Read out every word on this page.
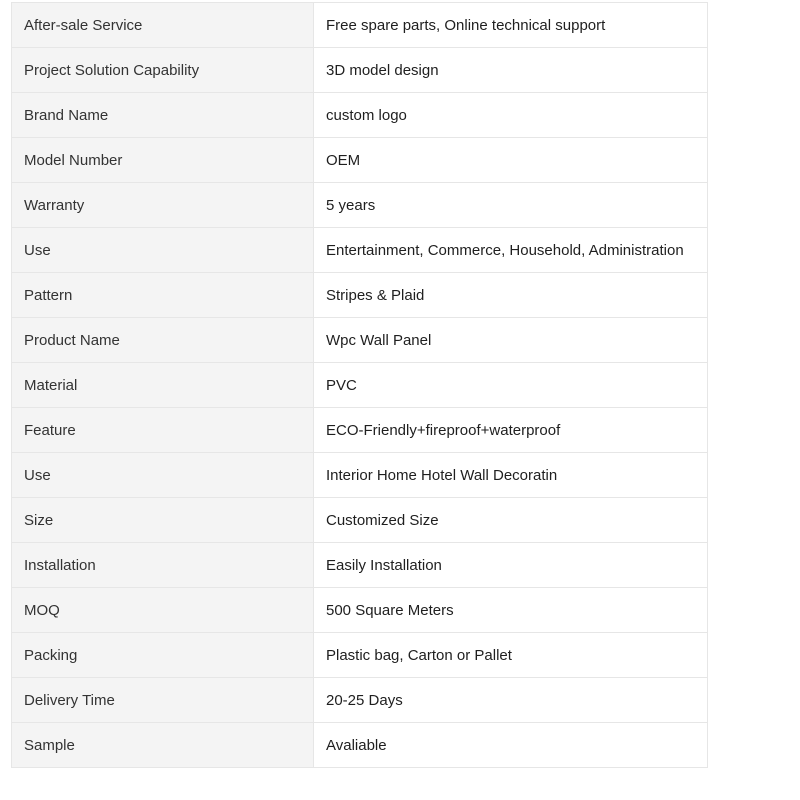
After-sale Service	Free spare parts, Online technical support
Project Solution Capability	3D model design
Brand Name	custom logo
Model Number	OEM
Warranty	5 years
Use	Entertainment, Commerce, Household, Administration
Pattern	Stripes & Plaid
Product Name	Wpc Wall Panel
Material	PVC
Feature	ECO-Friendly+fireproof+waterproof
Use	Interior Home Hotel Wall Decoratin
Size	Customized Size
Installation	Easily Installation
MOQ	500 Square Meters
Packing	Plastic bag, Carton or Pallet
Delivery Time	20-25 Days
Sample	Avaliable
